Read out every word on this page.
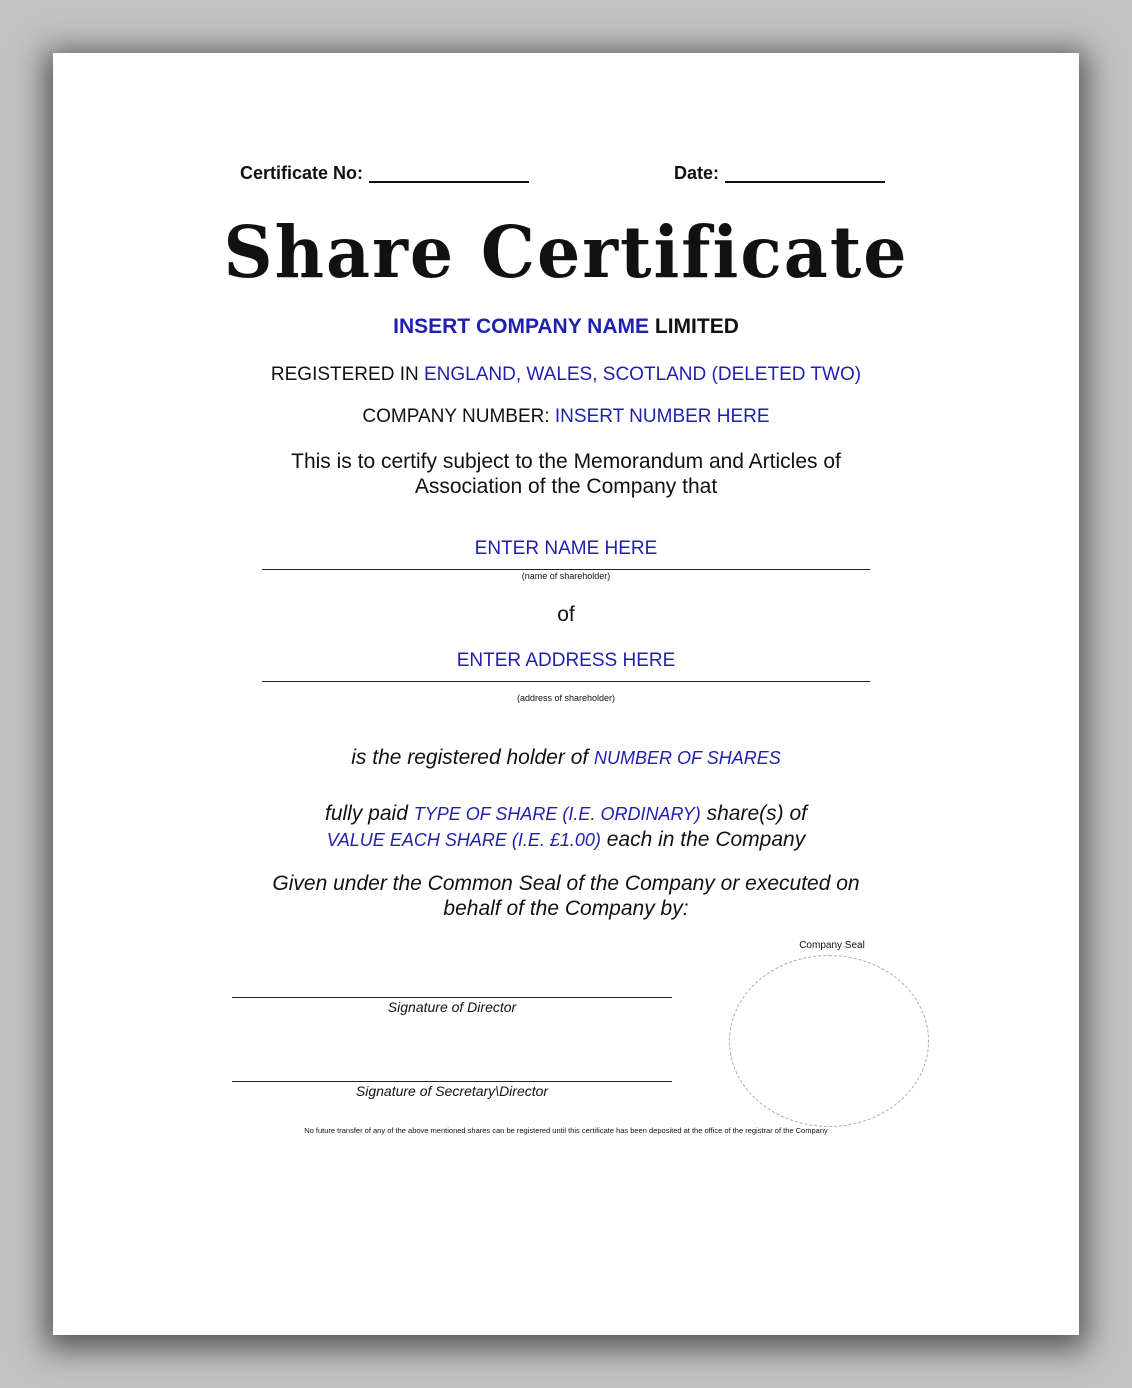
Certificate No:	Date:
Share Certificate
INSERT COMPANY NAME LIMITED
REGISTERED IN ENGLAND, WALES, SCOTLAND (DELETED TWO)
COMPANY NUMBER: INSERT NUMBER HERE
This is to certify subject to the Memorandum and Articles of
Association of the Company that
ENTER NAME HERE
(name of shareholder)
of
ENTER ADDRESS HERE
(address of shareholder)
is the registered holder of NUMBER OF SHARES
fully paid TYPE OF SHARE (I.E. ORDINARY) share(s) of
VALUE EACH SHARE (I.E. £1.00) each in the Company
Given under the Common Seal of the Company or executed on
behalf of the Company by:
Signature of Director
Signature of Secretary\Director
Company Seal
No future transfer of any of the above mentioned shares can be registered until this certificate has been deposited at the office of the registrar of the Company
